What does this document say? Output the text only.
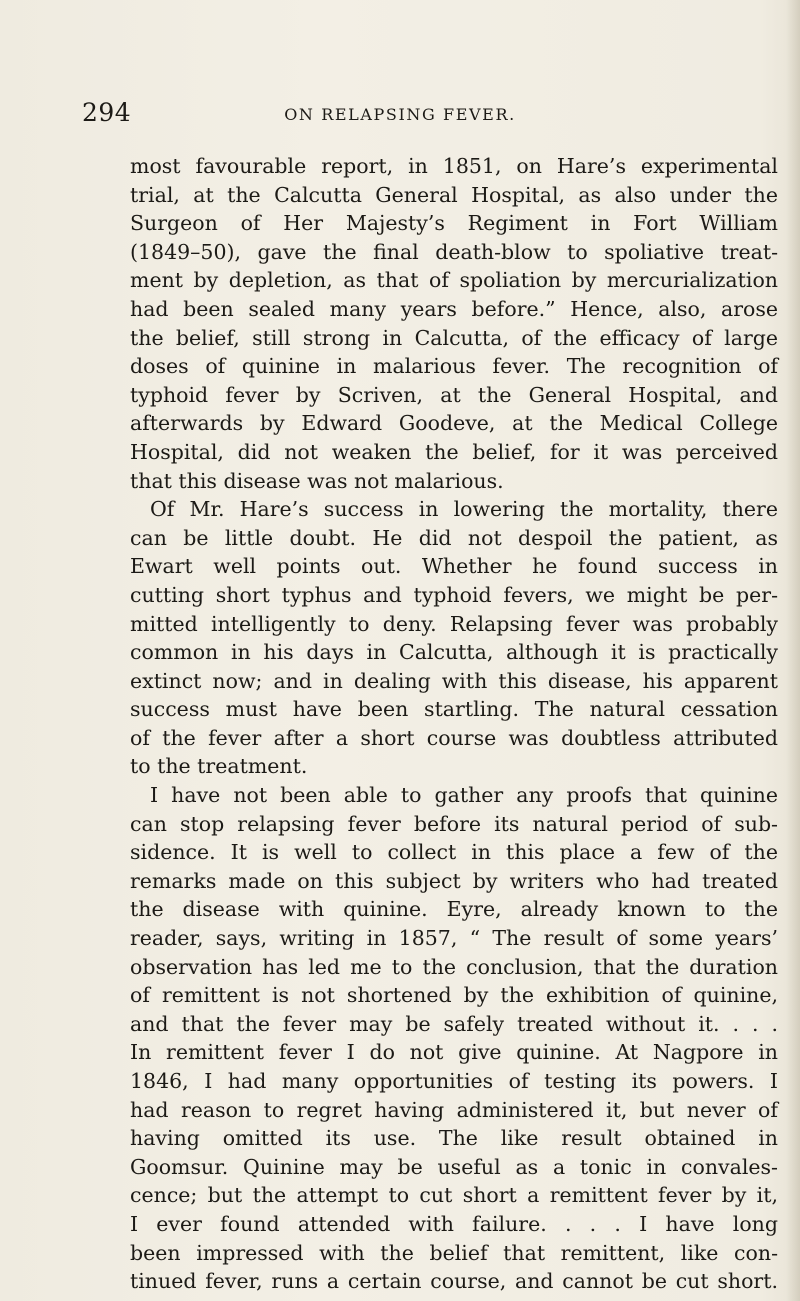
294	ON RELAPSING FEVER.
most favourable report, in 1851, on Hare’s experimental
trial, at the Calcutta General Hospital, as also under the
Surgeon of Her Majesty’s Regiment in Fort William
(1849–50), gave the final death-blow to spoliative treat-
ment by depletion, as that of spoliation by mercurialization
had been sealed many years before.” Hence, also, arose
the belief, still strong in Calcutta, of the efficacy of large
doses of quinine in malarious fever. The recognition of
typhoid fever by Scriven, at the General Hospital, and
afterwards by Edward Goodeve, at the Medical College
Hospital, did not weaken the belief, for it was perceived
that this disease was not malarious.
Of Mr. Hare’s success in lowering the mortality, there
can be little doubt. He did not despoil the patient, as
Ewart well points out. Whether he found success in
cutting short typhus and typhoid fevers, we might be per-
mitted intelligently to deny. Relapsing fever was probably
common in his days in Calcutta, although it is practically
extinct now; and in dealing with this disease, his apparent
success must have been startling. The natural cessation
of the fever after a short course was doubtless attributed
to the treatment.
I have not been able to gather any proofs that quinine
can stop relapsing fever before its natural period of sub-
sidence. It is well to collect in this place a few of the
remarks made on this subject by writers who had treated
the disease with quinine. Eyre, already known to the
reader, says, writing in 1857, “ The result of some years’
observation has led me to the conclusion, that the duration
of remittent is not shortened by the exhibition of quinine,
and that the fever may be safely treated without it. . . .
In remittent fever I do not give quinine. At Nagpore in
1846, I had many opportunities of testing its powers. I
had reason to regret having administered it, but never of
having omitted its use. The like result obtained in
Goomsur. Quinine may be useful as a tonic in convales-
cence; but the attempt to cut short a remittent fever by it,
I ever found attended with failure. . . . I have long
been impressed with the belief that remittent, like con-
tinued fever, runs a certain course, and cannot be cut short.
